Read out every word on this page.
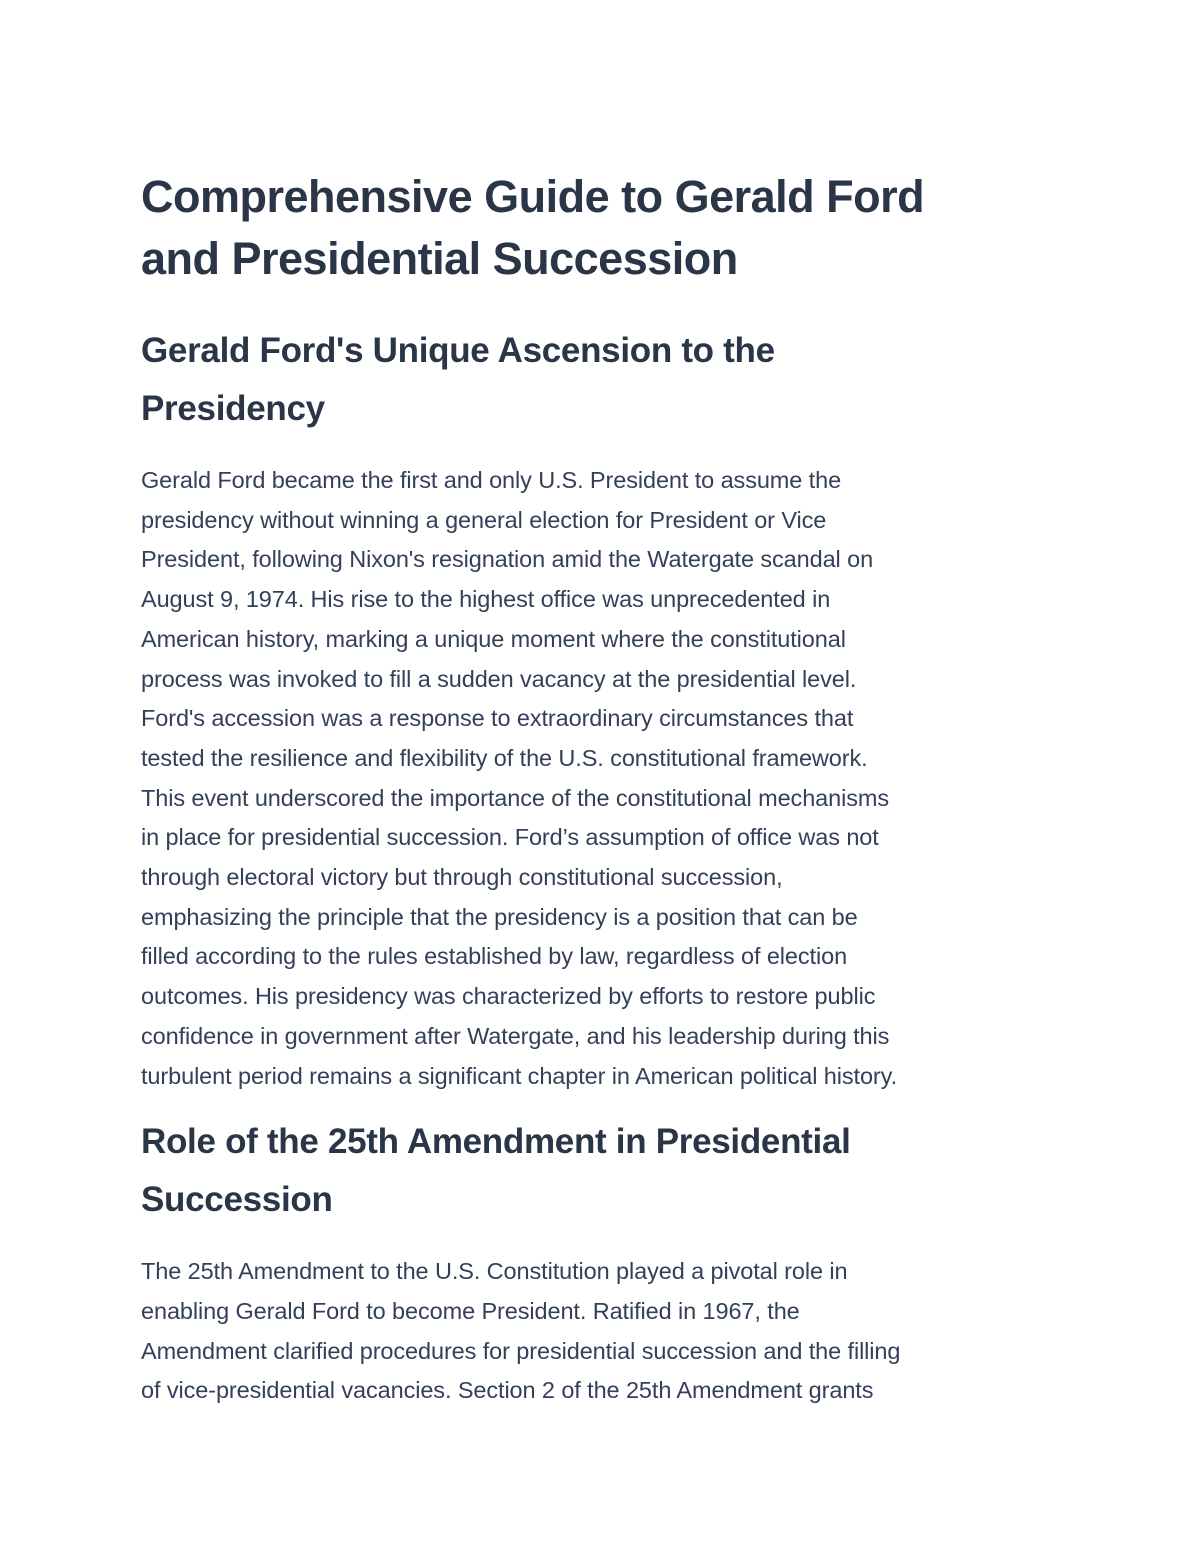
Comprehensive Guide to Gerald Ford
and Presidential Succession
Gerald Ford's Unique Ascension to the
Presidency

Gerald Ford became the first and only U.S. President to assume the
presidency without winning a general election for President or Vice
President, following Nixon's resignation amid the Watergate scandal on
August 9, 1974. His rise to the highest office was unprecedented in
American history, marking a unique moment where the constitutional
process was invoked to fill a sudden vacancy at the presidential level.
Ford's accession was a response to extraordinary circumstances that
tested the resilience and flexibility of the U.S. constitutional framework.
This event underscored the importance of the constitutional mechanisms
in place for presidential succession. Ford’s assumption of office was not
through electoral victory but through constitutional succession,
emphasizing the principle that the presidency is a position that can be
filled according to the rules established by law, regardless of election
outcomes. His presidency was characterized by efforts to restore public
confidence in government after Watergate, and his leadership during this
turbulent period remains a significant chapter in American political history.

Role of the 25th Amendment in Presidential
Succession

The 25th Amendment to the U.S. Constitution played a pivotal role in
enabling Gerald Ford to become President. Ratified in 1967, the
Amendment clarified procedures for presidential succession and the filling
of vice-presidential vacancies. Section 2 of the 25th Amendment grants
